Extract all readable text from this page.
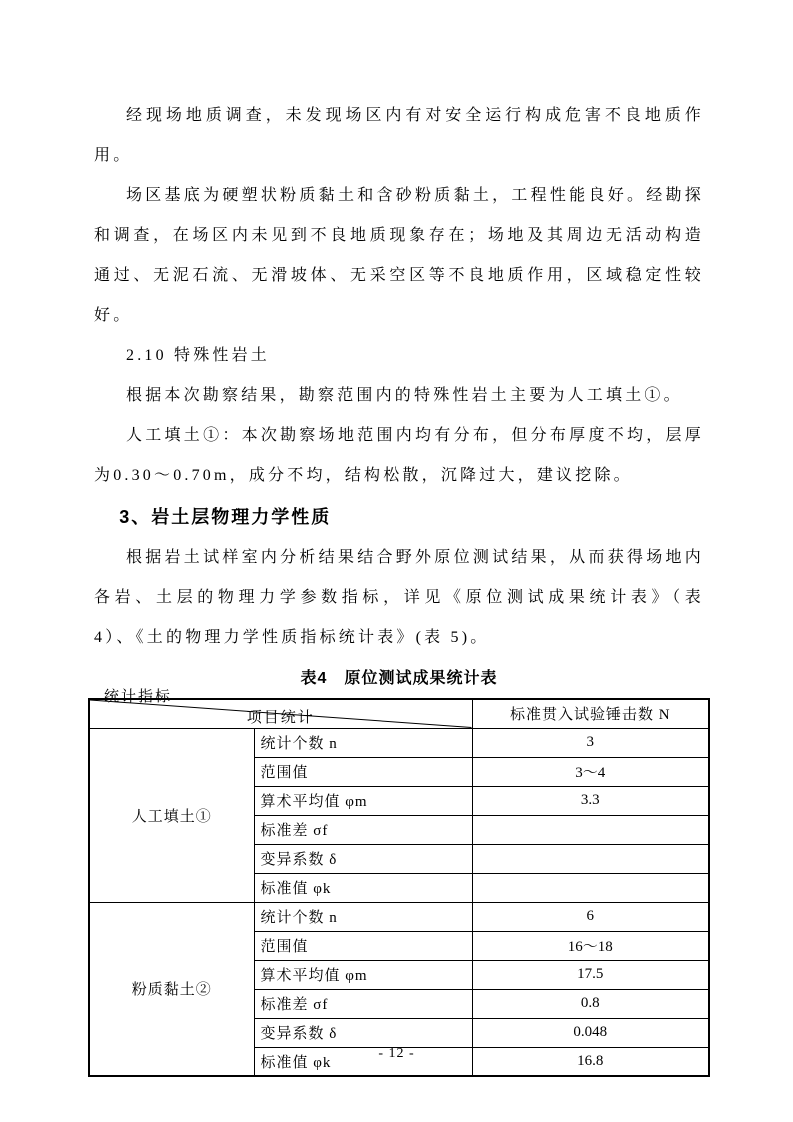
经现场地质调查，未发现场区内有对安全运行构成危害不良地质作用。

场区基底为硬塑状粉质黏土和含砂粉质黏土，工程性能良好。经勘探和调查，在场区内未见到不良地质现象存在；场地及其周边无活动构造通过、无泥石流、无滑坡体、无采空区等不良地质作用，区域稳定性较好。

2.10 特殊性岩土

根据本次勘察结果，勘察范围内的特殊性岩土主要为人工填土①。

人工填土①：本次勘察场地范围内均有分布，但分布厚度不均，层厚为0.30～0.70m，成分不均，结构松散，沉降过大，建议挖除。

3、岩土层物理力学性质

根据岩土试样室内分析结果结合野外原位测试结果，从而获得场地内各岩、土层的物理力学参数指标，详见《原位测试成果统计表》（表 4）、《土的物理力学性质指标统计表》(表 5)。

表4　原位测试成果统计表
项目统计
统计指标		标准贯入试验锤击数 N
人工填土①	统计个数 n	3
	范围值	3～4
	算术平均值 φm	3.3
	标准差 σf	
	变异系数 δ	
	标准值 φk	
粉质黏土②	统计个数 n	6
	范围值	16～18
	算术平均值 φm	17.5
	标准差 σf	0.8
	变异系数 δ	0.048
	标准值 φk	16.8
- 12 -
